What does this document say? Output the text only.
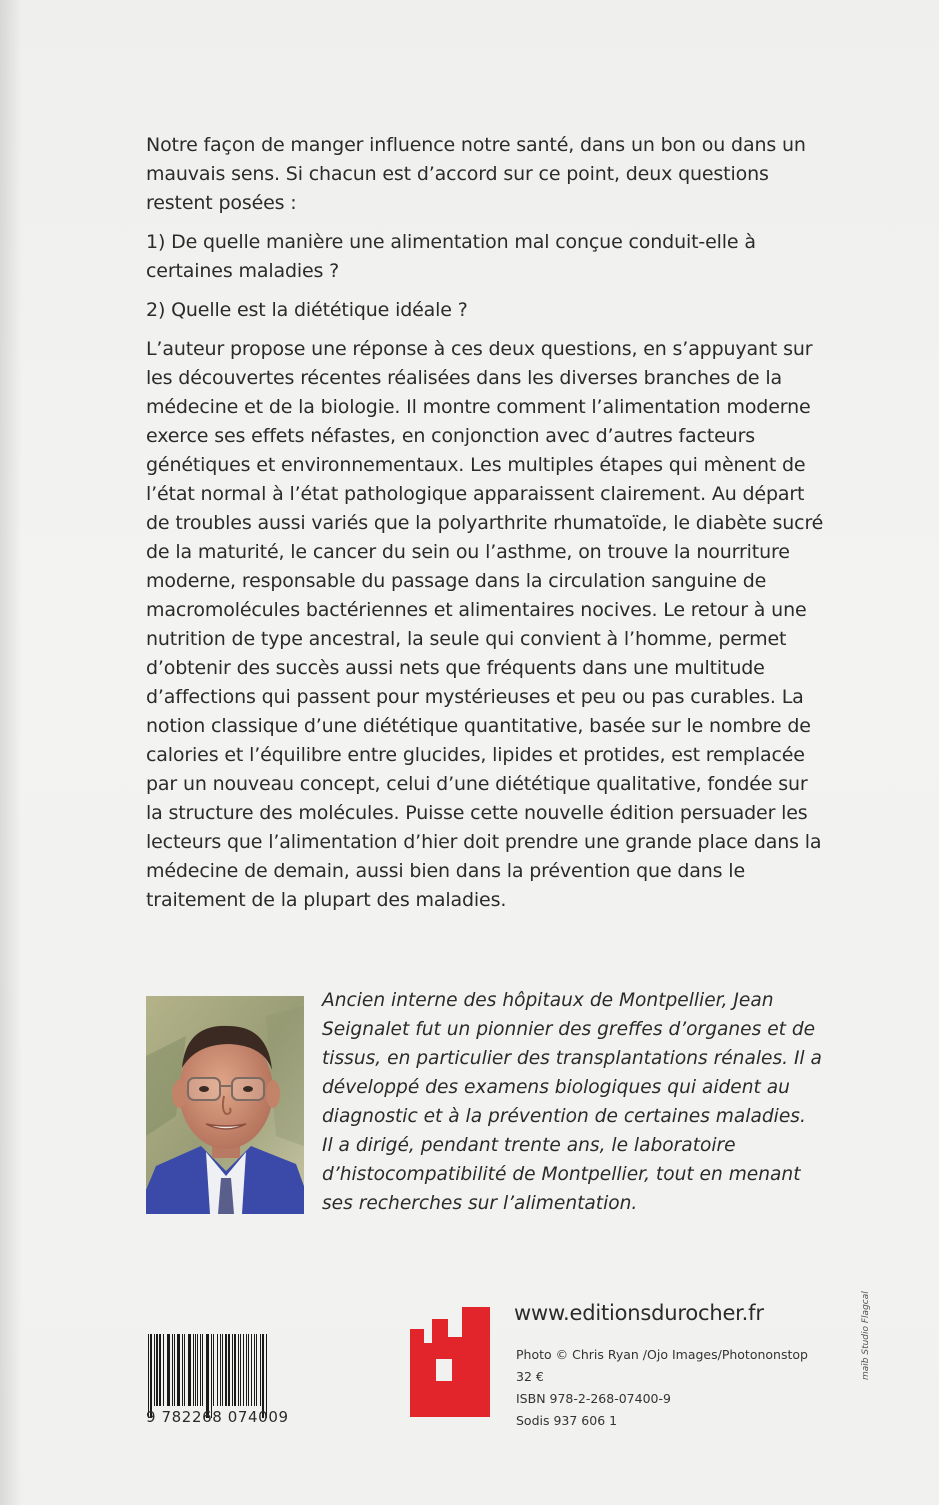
Notre façon de manger influence notre santé, dans un bon ou dans un mauvais sens. Si chacun est d’accord sur ce point, deux questions restent posées :

1) De quelle manière une alimentation mal conçue conduit-elle à certaines maladies ?

2) Quelle est la diététique idéale ?

L’auteur propose une réponse à ces deux questions, en s’appuyant sur les découvertes récentes réalisées dans les diverses branches de la médecine et de la biologie. Il montre comment l’alimentation moderne exerce ses effets néfastes, en conjonction avec d’autres facteurs génétiques et environnementaux. Les multiples étapes qui mènent de l’état normal à l’état pathologique apparaissent clairement. Au départ de troubles aussi variés que la polyarthrite rhumatoïde, le diabète sucré de la maturité, le cancer du sein ou l’asthme, on trouve la nourriture moderne, responsable du passage dans la circulation sanguine de macromolécules bactériennes et alimentaires nocives. Le retour à une nutrition de type ancestral, la seule qui convient à l’homme, permet d’obtenir des succès aussi nets que fréquents dans une multitude d’affections qui passent pour mystérieuses et peu ou pas curables. La notion classique d’une diététique quantitative, basée sur le nombre de calories et l’équilibre entre glucides, lipides et protides, est remplacée par un nouveau concept, celui d’une diététique qualitative, fondée sur la structure des molécules. Puisse cette nouvelle édition persuader les lecteurs que l’alimentation d’hier doit prendre une grande place dans la médecine de demain, aussi bien dans la prévention que dans le traitement de la plupart des maladies.

Ancien interne des hôpitaux de Montpellier, Jean Seignalet fut un pionnier des greffes d’organes et de tissus, en particulier des transplantations rénales. Il a développé des examens biologiques qui aident au diagnostic et à la prévention de certaines maladies. Il a dirigé, pendant trente ans, le laboratoire d’histocompatibilité de Montpellier, tout en menant ses recherches sur l’alimentation.
9 782268 074009
www.editionsdurocher.fr
Photo © Chris Ryan /Ojo Images/Photononstop
32 €
ISBN 978-2-268-07400-9
Sodis 937 606 1
maïb Studio Flagcal
